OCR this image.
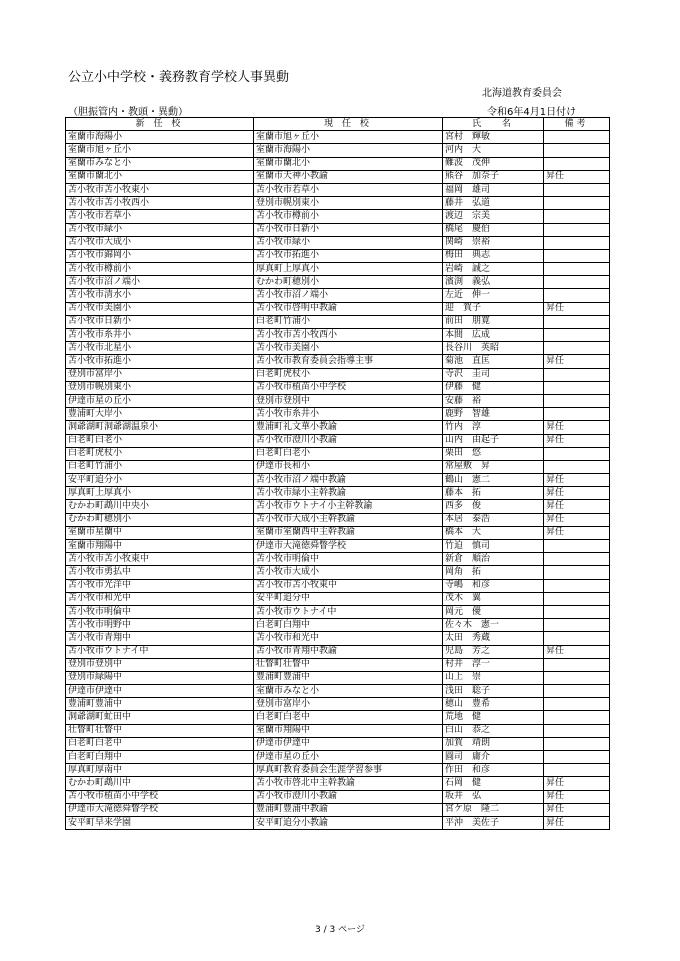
公立小中学校・義務教育学校人事異動
北海道教育委員会
（胆振管内・教頭・異動）	令和6年4月1日付け
新 任 校	現 任 校	氏 　名	備考
室蘭市海陽小	室蘭市旭ヶ丘小	宮村　輝敏	
室蘭市旭ヶ丘小	室蘭市海陽小	河内　大	
室蘭市みなと小	室蘭市蘭北小	難波　茂伸	
室蘭市蘭北小	室蘭市天神小教諭	熊谷　加奈子	昇任
苫小牧市苫小牧東小	苫小牧市若草小	福岡　雄司	
苫小牧市苫小牧西小	登別市幌別東小	藤井　弘道	
苫小牧市若草小	苫小牧市樽前小	渡辺　宗美	
苫小牧市緑小	苫小牧市日新小	橋尾　慶伯	
苫小牧市大成小	苫小牧市緑小	関崎　崇裕	
苫小牧市錦岡小	苫小牧市拓進小	梅田　典志	
苫小牧市樽前小	厚真町上厚真小	岩崎　誠之	
苫小牧市沼ノ端小	むかわ町穂別小	濱渕　義弘	
苫小牧市清水小	苫小牧市沼ノ端小	左近　伸一	
苫小牧市美園小	苫小牧市啓明中教諭	迎　賀子	昇任
苫小牧市日新小	白老町竹浦小	前田　朋寛	
苫小牧市糸井小	苫小牧市苫小牧西小	本間　広成	
苫小牧市北星小	苫小牧市美園小	長谷川　英昭	
苫小牧市拓進小	苫小牧市教育委員会指導主事	菊池　直匡	昇任
登別市富岸小	白老町虎杖小	寺沢　圭司	
登別市幌別東小	苫小牧市植苗小中学校	伊藤　健	
伊達市星の丘小	登別市登別中	安藤　裕	
豊浦町大岸小	苫小牧市糸井小	鹿野　智雄	
洞爺湖町洞爺湖温泉小	豊浦町礼文華小教諭	竹内　淳	昇任
白老町白老小	苫小牧市澄川小教諭	山内　由起子	昇任
白老町虎杖小	白老町白老小	栗田　悠	
白老町竹浦小	伊達市長和小	常屋敷　昇	
安平町追分小	苫小牧市沼ノ端中教諭	鶴山　憲二	昇任
厚真町上厚真小	苫小牧市緑小主幹教諭	藤本　拓	昇任
むかわ町鵡川中央小	苫小牧市ウトナイ小主幹教諭	西多　俊	昇任
むかわ町穂別小	苫小牧市大成小主幹教諭	本居　泰浩	昇任
室蘭市星蘭中	室蘭市室蘭西中主幹教諭	橋本　大	昇任
室蘭市翔陽中	伊達市大滝徳舜瞥学校	竹迫　慎司	
苫小牧市苫小牧東中	苫小牧市明倫中	新倉　順治	
苫小牧市勇払中	苫小牧市大成小	岡角　拓	
苫小牧市光洋中	苫小牧市苫小牧東中	寺嶋　和彦	
苫小牧市和光中	安平町追分中	茂木　翼	
苫小牧市明倫中	苫小牧市ウトナイ中	岡元　優	
苫小牧市明野中	白老町白翔中	佐々木　憲一	
苫小牧市青翔中	苫小牧市和光中	太田　秀蔵	
苫小牧市ウトナイ中	苫小牧市青翔中教諭	児島　芳之	昇任
登別市登別中	壮瞥町壮瞥中	村井　淳一	
登別市緑陽中	豊浦町豊浦中	山上　崇	
伊達市伊達中	室蘭市みなと小	浅田　聡子	
豊浦町豊浦中	登別市富岸小	穂山　豊希	
洞爺湖町虻田中	白老町白老中	荒地　健	
壮瞥町壮瞥中	室蘭市翔陽中	白山　恭之	
白老町白老中	伊達市伊達中	加賀　靖朗	
白老町白翔中	伊達市星の丘小	圓司　庸介	
厚真町厚南中	厚真町教育委員会生涯学習参事	作田　和彦	
むかわ町鵡川中	苫小牧市啓北中主幹教諭	石岡　健	昇任
苫小牧市植苗小中学校	苫小牧市澄川小教諭	坂井　弘	昇任
伊達市大滝徳舜瞥学校	豊浦町豊浦中教諭	宮ケ原　隆二	昇任
安平町早来学園	安平町追分小教諭	平沖　美佐子	昇任
3 / 3 ページ
